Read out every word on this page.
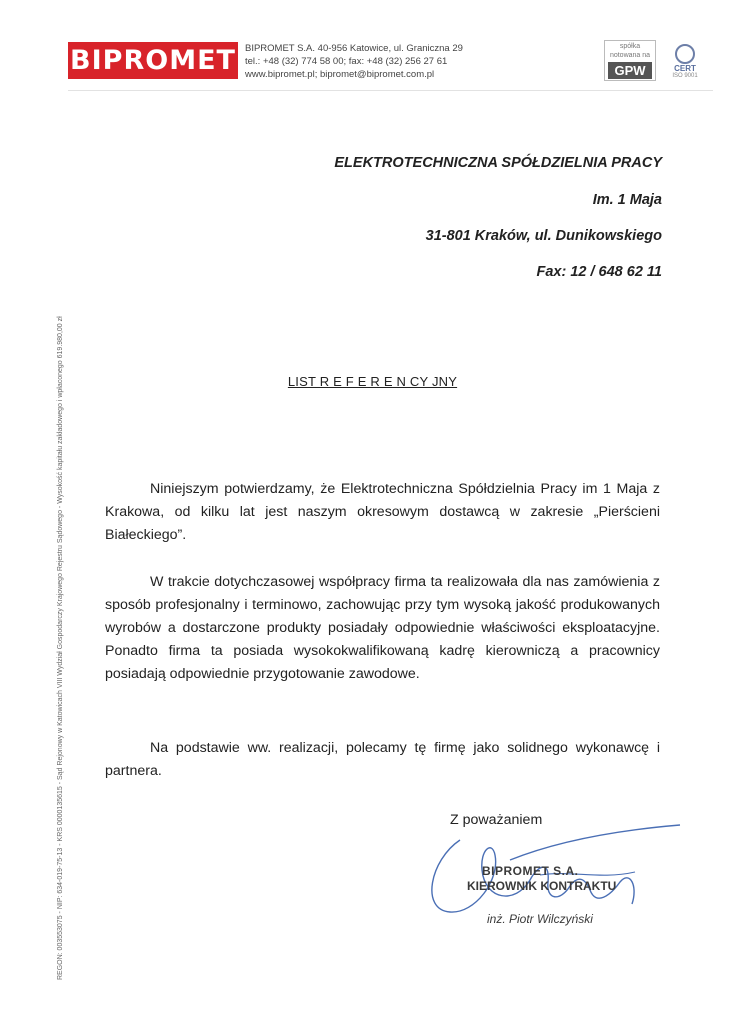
BIPROMET BIPROMET S.A. 40-956 Katowice, ul. Graniczna 29
tel.: +48 (32) 774 58 00; fax: +48 (32) 256 27 61
www.bipromet.pl; bipromet@bipromet.com.pl
spółka notowana na
GPW	CERT
ISO 9001
REGON: 003553075 - NIP: 634-019-75-13 - KRS 0000135615 - Sąd Rejonowy w Katowicach VIII Wydział Gospodarczy Krajowego Rejestru Sądowego - Wysokość kapitału zakładowego i wpłaconego 619.980,00 zł
ELEKTROTECHNICZNA SPÓŁDZIELNIA PRACY
Im. 1 Maja
31-801 Kraków, ul. Dunikowskiego
Fax: 12 / 648 62 11
LIST R E F E R E N CY JNY
Niniejszym potwierdzamy, że Elektrotechniczna Spółdzielnia Pracy im 1 Maja z Krakowa, od kilku lat jest naszym okresowym dostawcą w zakresie „Pierścieni Białeckiego”.
W trakcie dotychczasowej współpracy firma ta realizowała dla nas zamówienia z sposób profesjonalny i terminowo, zachowując przy tym wysoką jakość produkowanych wyrobów a dostarczone produkty posiadały odpowiednie właściwości eksploatacyjne. Ponadto firma ta posiada wysokokwalifikowaną kadrę kierowniczą a pracownicy posiadają odpowiednie przygotowanie zawodowe.
Na podstawie ww. realizacji, polecamy tę firmę jako solidnego wykonawcę i partnera.
Z poważaniem
BIPROMET S.A.
KIEROWNIK KONTRAKTU
inż. Piotr Wilczyński
